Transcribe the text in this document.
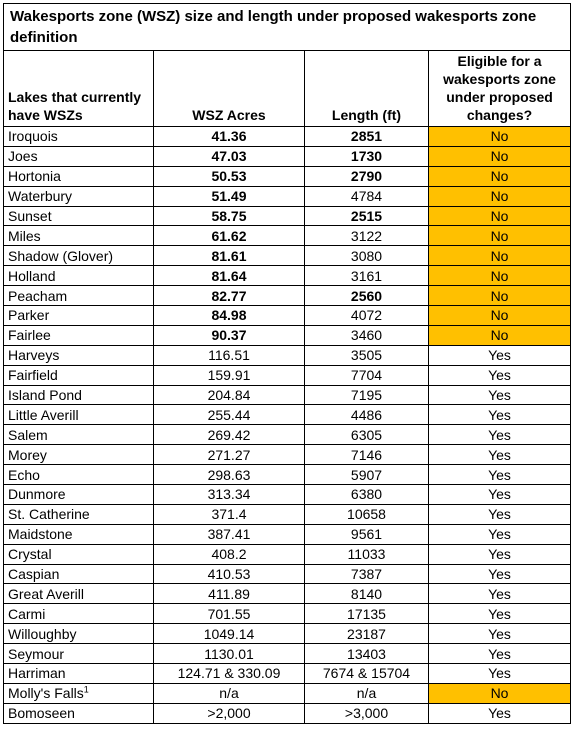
Wakesports zone (WSZ) size and length under proposed wakesports zone definition			
Lakes that currently have WSZs	WSZ Acres	Length (ft)	Eligible for a wakesports zone under proposed changes?
Iroquois	41.36	2851	No
Joes	47.03	1730	No
Hortonia	50.53	2790	No
Waterbury	51.49	4784	No
Sunset	58.75	2515	No
Miles	61.62	3122	No
Shadow (Glover)	81.61	3080	No
Holland	81.64	3161	No
Peacham	82.77	2560	No
Parker	84.98	4072	No
Fairlee	90.37	3460	No
Harveys	116.51	3505	Yes
Fairfield	159.91	7704	Yes
Island Pond	204.84	7195	Yes
Little Averill	255.44	4486	Yes
Salem	269.42	6305	Yes
Morey	271.27	7146	Yes
Echo	298.63	5907	Yes
Dunmore	313.34	6380	Yes
St. Catherine	371.4	10658	Yes
Maidstone	387.41	9561	Yes
Crystal	408.2	11033	Yes
Caspian	410.53	7387	Yes
Great Averill	411.89	8140	Yes
Carmi	701.55	17135	Yes
Willoughby	1049.14	23187	Yes
Seymour	1130.01	13403	Yes
Harriman	124.71 & 330.09	7674 & 15704	Yes
Molly's Falls$^1$	n/a	n/a	No
Bomoseen	>2,000	>3,000	Yes
